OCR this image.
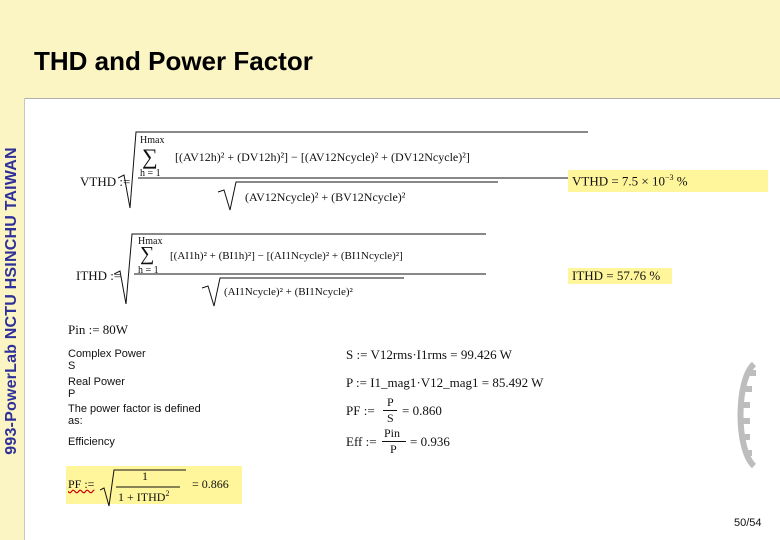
THD and Power Factor
993-PowerLab NCTU HSINCHU TAIWAN	VTHD :=
Hmax
∑
h = 1
[(AV12h)² + (DV12h)²] − [(AV12Ncycle)² + (DV12Ncycle)²]
(AV12Ncycle)² + (BV12Ncycle)²
VTHD = $7.5 \times 10^{-3}$ %
ITHD :=
Hmax
∑
h = 1
[(AI1h)² + (BI1h)²] − [(AI1Ncycle)² + (BI1Ncycle)²]
(AI1Ncycle)² + (BI1Ncycle)²
ITHD = 57.76 %
Pin := 80W
Complex Power
S
Real Power
P
The power factor is defined
as:
Efficiency
S := V12rms·I1rms = 99.426 W
P := I1_mag1·V12_mag1 = 85.492 W
PF :=
P
S = 0.860
Eff :=
Pin
P = 0.936
PF :=
1
$1 + ITHD^2$
= 0.866
50/54
